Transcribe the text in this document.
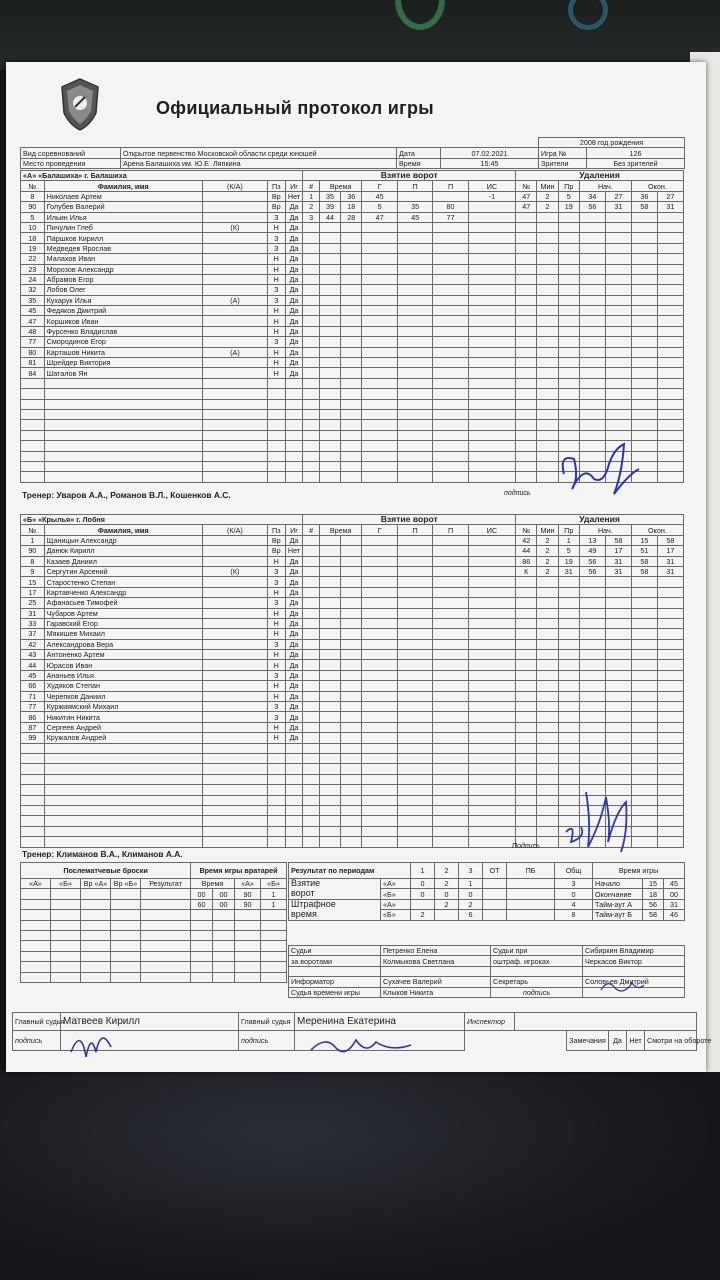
Официальный протокол игры
				2008 год рождения	
Вид соревнований	Открытое первенство Московской области среди юношей	Дата	07.02.2021	Игра №	126
Место проведения	Арена Балашиха им. Ю.Е. Ляпкина	Время	15:45	Зрители	Без зрителей
«А» «Балашиха» г. Балашиха					Взятие ворот							Удаления						
№	Фамилия, имя	(К/А)	Пз	Иг	#	Время		Г	П	П	ИС	№	Мин	Пр	Нач.		Окон.	
8	Николаев Артем		Вр	Нет	1	35	36	45			-1	47	2	5	34	27	36	27
90	Голубев Валерий		Вр	Да	2	39	18	5	35	80		47	2	19	56	31	58	31
5	Ильин Илья		З	Да	3	44	28	47	45	77								
10	Пичулин Глеб	(К)	Н	Да														
18	Паршков Кирилл		З	Да														
19	Медведев Ярослав		З	Да														
22	Малахов Иван		Н	Да														
23	Морозов Александр		Н	Да														
24	Абрамов Егор		Н	Да														
32	Лобов Олег		З	Да														
35	Кухарук Илья	(А)	З	Да														
45	Федяков Дмитрий		Н	Да														
47	Коршиков Иван		Н	Да														
48	Фурсенко Владислав		Н	Да														
77	Смородинов Егор		З	Да														
80	Карташов Никита	(А)	Н	Да														
81	Шрейдер Виктория		Н	Да														
84	Шаталов Ян		Н	Да														

Тренер: Уваров А.А., Романов В.Л., Кошенков А.С.	подпись
«Б» «Крылья» г. Лобня					Взятие ворот							Удаления						
№	Фамилия, имя	(К/А)	Пз	Иг	#	Время		Г	П	П	ИС	№	Мин	Пр	Нач.		Окон.	
1	Щаницын Александр		Вр	Да								42	2	1	13	58	15	58
90	Данюк Кирилл		Вр	Нет								44	2	5	49	17	51	17
8	Казаев Даниил		Н	Да								86	2	19	56	31	58	31
9	Сергутин Арсений	(К)	З	Да								К	2	31	56	31	58	31
15	Старостенко Степан		З	Да														
17	Картавченко Александр		Н	Да														
25	Афанасьев Тимофей		З	Да														
31	Чубаров Артем		Н	Да														
33	Гаравский Егор		Н	Да														
37	Мякишев Михаил		Н	Да														
42	Александрова Вера		З	Да														
43	Антоненко Артем		Н	Да														
44	Юрасов Иван		Н	Да														
45	Ананьев Илья		З	Да														
66	Худяков Степан		Н	Да														
71	Черепков Даниил		Н	Да														
77	Куржиямский Михаил		З	Да														
86	Никитин Никита		З	Да														
87	Сергеев Андрей		Н	Да														
99	Кружалов Андрей		Н	Да														

Тренер: Климанов В.А., Климанов А.А.
Подпись
Послематчевые броски				
«А»	«Б»	Вр «А»	Вр «Б»	Результат

Время игры вратарей			
Время		«А»	«Б»
00	00	90	1
60	00	90	1

Результат по периодам		1	2	3	ОТ	ПБ	Общ	Время игры		
Взятие	«А»	0	2	1			3	Начало	15	45
ворот	«Б»	0	0	0			0	Окончание	18	00
Штрафное	«А»		2	2			4	Тайм-аут А	56	31
время	«Б»	2		6			8	Тайм-аут Б	58	46
Судьи	Петренко Елена	Судьи при	Сибиркин Владимир
за воротами	Колмыкова Светлана	оштраф. игроках	Черкасов Виктор

Информатор	Сухачев Валерий	Секретарь	Соловьев Дмитрий
Судья времени игры	Клыков Никита	подпись	
Главный судья	Матвеев Кирилл	Главный судья	Меренина Екатерина	Инспектор					
подпись		подпись				Замечания	Да	Нет	Смотри на обороте
